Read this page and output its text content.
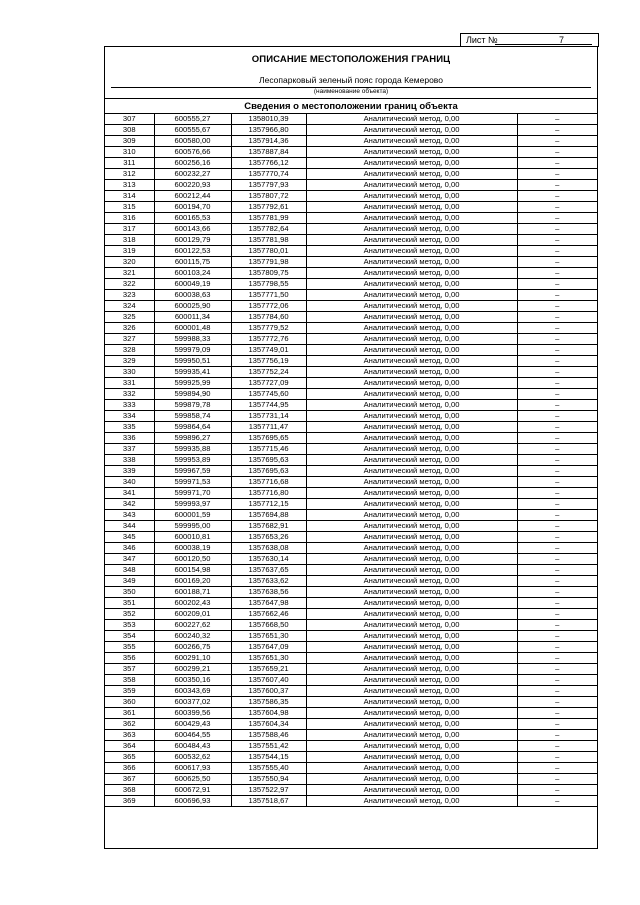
Лист №	7
ОПИСАНИЕ МЕСТОПОЛОЖЕНИЯ ГРАНИЦ
Лесопарковый зеленый пояс города Кемерово
(наименование объекта)
Сведения о местоположении границ объекта
307	600555,27	1358010,39	Аналитический метод, 0,00	–
308	600555,67	1357966,80	Аналитический метод, 0,00	–
309	600580,00	1357914,36	Аналитический метод, 0,00	–
310	600576,66	1357887,84	Аналитический метод, 0,00	–
311	600256,16	1357766,12	Аналитический метод, 0,00	–
312	600232,27	1357770,74	Аналитический метод, 0,00	–
313	600220,93	1357797,93	Аналитический метод, 0,00	–
314	600212,44	1357807,72	Аналитический метод, 0,00	–
315	600194,70	1357792,61	Аналитический метод, 0,00	–
316	600165,53	1357781,99	Аналитический метод, 0,00	–
317	600143,66	1357782,64	Аналитический метод, 0,00	–
318	600129,79	1357781,98	Аналитический метод, 0,00	–
319	600122,53	1357780,01	Аналитический метод, 0,00	–
320	600115,75	1357791,98	Аналитический метод, 0,00	–
321	600103,24	1357809,75	Аналитический метод, 0,00	–
322	600049,19	1357798,55	Аналитический метод, 0,00	–
323	600038,63	1357771,50	Аналитический метод, 0,00	–
324	600025,90	1357772,06	Аналитический метод, 0,00	–
325	600011,34	1357784,60	Аналитический метод, 0,00	–
326	600001,48	1357779,52	Аналитический метод, 0,00	–
327	599988,33	1357772,76	Аналитический метод, 0,00	–
328	599979,09	1357749,01	Аналитический метод, 0,00	–
329	599950,51	1357756,19	Аналитический метод, 0,00	–
330	599935,41	1357752,24	Аналитический метод, 0,00	–
331	599925,99	1357727,09	Аналитический метод, 0,00	–
332	599894,90	1357745,60	Аналитический метод, 0,00	–
333	599879,78	1357744,95	Аналитический метод, 0,00	–
334	599858,74	1357731,14	Аналитический метод, 0,00	–
335	599864,64	1357711,47	Аналитический метод, 0,00	–
336	599896,27	1357695,65	Аналитический метод, 0,00	–
337	599935,88	1357715,46	Аналитический метод, 0,00	–
338	599953,89	1357695,63	Аналитический метод, 0,00	–
339	599967,59	1357695,63	Аналитический метод, 0,00	–
340	599971,53	1357716,68	Аналитический метод, 0,00	–
341	599971,70	1357716,80	Аналитический метод, 0,00	–
342	599993,97	1357712,15	Аналитический метод, 0,00	–
343	600001,59	1357694,88	Аналитический метод, 0,00	–
344	599995,00	1357682,91	Аналитический метод, 0,00	–
345	600010,81	1357653,26	Аналитический метод, 0,00	–
346	600038,19	1357638,08	Аналитический метод, 0,00	–
347	600120,50	1357630,14	Аналитический метод, 0,00	–
348	600154,98	1357637,65	Аналитический метод, 0,00	–
349	600169,20	1357633,62	Аналитический метод, 0,00	–
350	600188,71	1357638,56	Аналитический метод, 0,00	–
351	600202,43	1357647,98	Аналитический метод, 0,00	–
352	600209,01	1357662,46	Аналитический метод, 0,00	–
353	600227,62	1357668,50	Аналитический метод, 0,00	–
354	600240,32	1357651,30	Аналитический метод, 0,00	–
355	600266,75	1357647,09	Аналитический метод, 0,00	–
356	600291,10	1357651,30	Аналитический метод, 0,00	–
357	600299,21	1357659,21	Аналитический метод, 0,00	–
358	600350,16	1357607,40	Аналитический метод, 0,00	–
359	600343,69	1357600,37	Аналитический метод, 0,00	–
360	600377,02	1357586,35	Аналитический метод, 0,00	–
361	600399,56	1357604,98	Аналитический метод, 0,00	–
362	600429,43	1357604,34	Аналитический метод, 0,00	–
363	600464,55	1357588,46	Аналитический метод, 0,00	–
364	600484,43	1357551,42	Аналитический метод, 0,00	–
365	600532,62	1357544,15	Аналитический метод, 0,00	–
366	600617,93	1357555,40	Аналитический метод, 0,00	–
367	600625,50	1357550,94	Аналитический метод, 0,00	–
368	600672,91	1357522,97	Аналитический метод, 0,00	–
369	600696,93	1357518,67	Аналитический метод, 0,00	–
